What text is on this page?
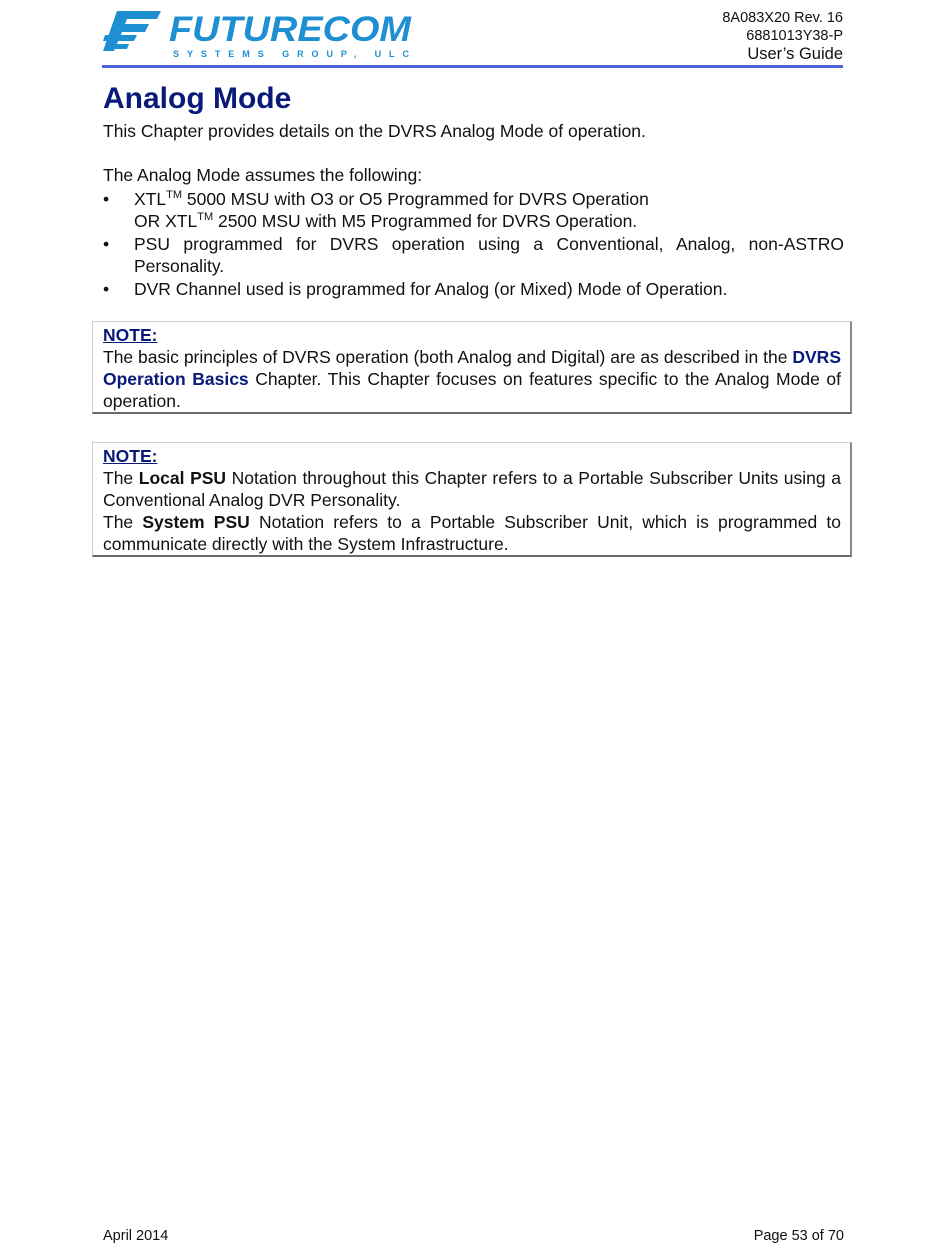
FUTURECOM
SYSTEMS GROUP, ULC
8A083X20 Rev. 16
6881013Y38-P
User’s Guide
Analog Mode

This Chapter provides details on the DVRS Analog Mode of operation.

The Analog Mode assumes the following:

• XTL™ 5000 MSU with O3 or O5 Programmed for DVRS Operation
OR XTL™ 2500 MSU with M5 Programmed for DVRS Operation.
• PSU programmed for DVRS operation using a Conventional, Analog, non-ASTRO Personality.
• DVR Channel used is programmed for Analog (or Mixed) Mode of Operation.
NOTE:

The basic principles of DVRS operation (both Analog and Digital) are as described in the DVRS Operation Basics Chapter. This Chapter focuses on features specific to the Analog Mode of operation.

NOTE:

The Local PSU Notation throughout this Chapter refers to a Portable Subscriber Units using a Conventional Analog DVR Personality.

The System PSU Notation refers to a Portable Subscriber Unit, which is programmed to communicate directly with the System Infrastructure.

April 2014	Page 53 of 70
